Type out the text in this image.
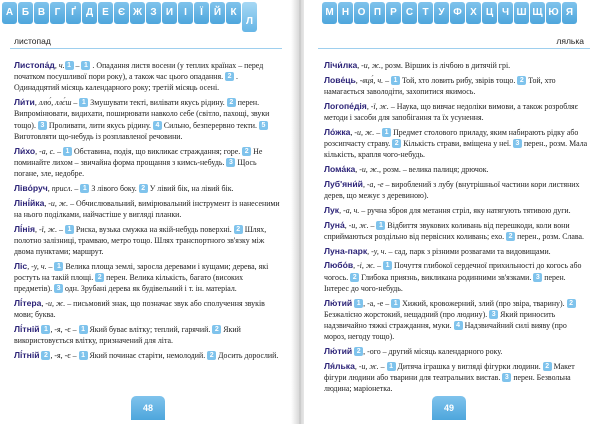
А Б В Г	Ґ	Д Е Є Ж З И	І	Ї	Й К
Л
листопад
Листопа́д, ч. 1 ‒ 1 . Опадання листя восени (у теплих країнах ‒ перед початком посушливої пори року), а також час цього опадання. 2 . Одинадцятий місяць календарного року; третій місяць осені.
Ли́ти, ллю́, ллє́ш ‒ 1 Змушувати тектi, вилiвати якусь рiдину. 2 перен. Випромiнювати, видихати, поширювати навколо себе (свiтло, пахощі, звуки тощо). 3 Проливати, лити якусь рiдину. 4 Сильно, безперервно текти. 5 Виготовляти що-небудь iз розплавленої речовини.
Ли́хо, -а, с. ‒ 1 Обставина, подія, що викликає страждання; горе. 2 Не поминайте лихом ‒ звичайна форма прощання з кимсь-небудь. 3 Щось погане, зле, недобре.
Ліво́руч, присл. ‒ 1 З лівого боку. 2 У лівий бік, на лівий бік.
Ліні́йка, -и, ж. ‒ Обчислювальний, вимірювальний інструмент із нанесеними на нього поділками, найчастіше у вигляді планки.
Лі́нія, -ї, ж. ‒ 1 Риска, вузька смужка на якій-небудь поверхні. 2 Шлях, полотно залізниці, трамваю, метро тощо. Шлях транспортного зв'язку між двома пунктами; маршрут.
Ліс, -у, ч. ‒ 1 Велика площа землі, заросла деревами і кущами; дерева, які ростуть на такій площі. 2 перен. Велика кількість, багато (високих предметів). 3 одн. Зрубані дерева як будівельний і т. ін. матеріал.
Лі́тера, -и, ж. ‒ письмовий знак, що позначає звук або сполучення звуків мови; буква.
Лі́тній 1 , -я, -є ‒ 1 Який буває влітку; теплий, гарячий. 2 Який використовується влітку, призначений для літа.
Лі́тній 2 , -я, -є ‒ 1 Який починає старіти, немолодий. 2 Досить дорослий.
48
М Н О П Р С Т У Ф Х Ц Ч Ш Щ Ю Я
лялька
Лічи́лка, -и, ж., розм. Віршик із лічбою в дитячій грі.
Лове́ць, -вця́, ч. ‒ 1 Той, хто ловить рибу, звірів тощо. 2 Той, хто намагається заволодіти, захопитися якимось.
Логопе́дія, -ї, ж. ‒ Наука, що вивчає недоліки вимови, а також розробляє методи і засоби для запобігання та їх усунення.
Ло́жка, -и, ж. ‒ 1 Предмет столового приладу, яким набирають рідку або розсипчасту страву. 2 Кількість страви, вміщена у неї. 3 перен., розм. Мала кількість, крапля чого-небудь.
Лома́ка, -и, ж., розм. ‒ велика палиця; дрючок.
Луб'яни́й, -а, -е ‒ вироблений з лубу (внутрішньої частини кори листяних дерев, що межує з деревиною).
Лук, -а, ч. ‒ ручна зброя для метання стріл, яку натягують тятивою дуги.
Луна́, -и, ж. ‒ 1 Відбиття звукових коливань від перешкоди, коли вони сприймаються роздільно від первісних коливань; ехо. 2 перен., розм. Слава.
Луна-парк, -у, ч. ‒ сад, парк з різними розвагами та видовищами.
Любо́в, -і, ж. ‒ 1 Почуття глибокої сердечної прихильності до когось або чогось. 2 Глибока приязнь, викликана родинними зв'язками. 3 перен. Інтерес до чого-небудь.
Лю́тий 1 , -а, -е ‒ 1 Хижий, кровожерний, злий (про звіра, тварину). 2 Безжалісно жорстокий, нещадний (про людину). 3 Який приносить надзвичайно тяжкі страждання, муки. 4 Надзвичайний силі вияву (про мороз, негоду тощо).
Лю́тий 2 , -ого ‒ другий місяць календарного року.
Ля́лька, -и, ж. ‒ 1 Дитяча іграшка у вигляді фігурки людини. 2 Макет фігури людини або тварини для театральних вистав. 3 перен. Безвольна людина; маріонетка.
49
